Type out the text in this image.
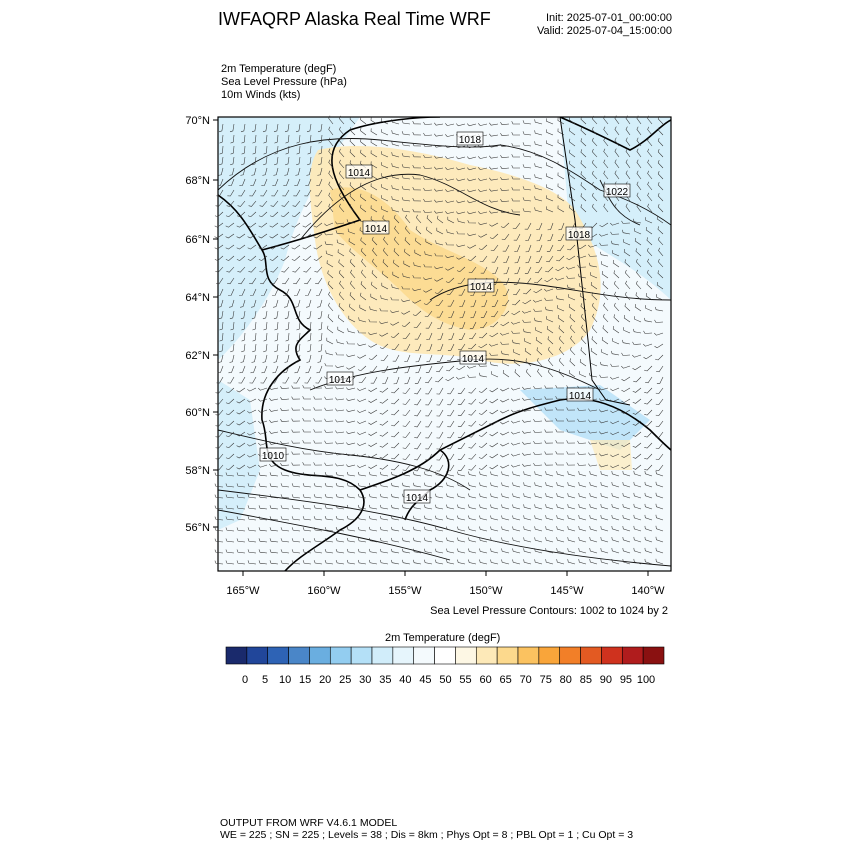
IWFAQRP Alaska Real Time WRF	Init: 2025-07-01_00:00:00
Valid: 2025-07-04_15:00:00
2m Temperature (degF)
Sea Level Pressure (hPa)
10m Winds (kts)
1018
1014
1022
1014
1018
1014
1014
1014
1014
1010
1014
70°N
68°N
66°N
64°N
62°N
60°N
58°N
56°N
165°W	160°W	155°W	150°W	145°W	140°W
Sea Level Pressure Contours: 1002 to 1024 by 2
2m Temperature (degF)
0 5 10 15 20 25 30 35 40 45 50 55 60 65 70 75 80 85 90 95 100
OUTPUT FROM WRF V4.6.1 MODEL
WE = 225 ; SN = 225 ; Levels = 38 ; Dis = 8km ; Phys Opt = 8 ; PBL Opt = 1 ; Cu Opt = 3
